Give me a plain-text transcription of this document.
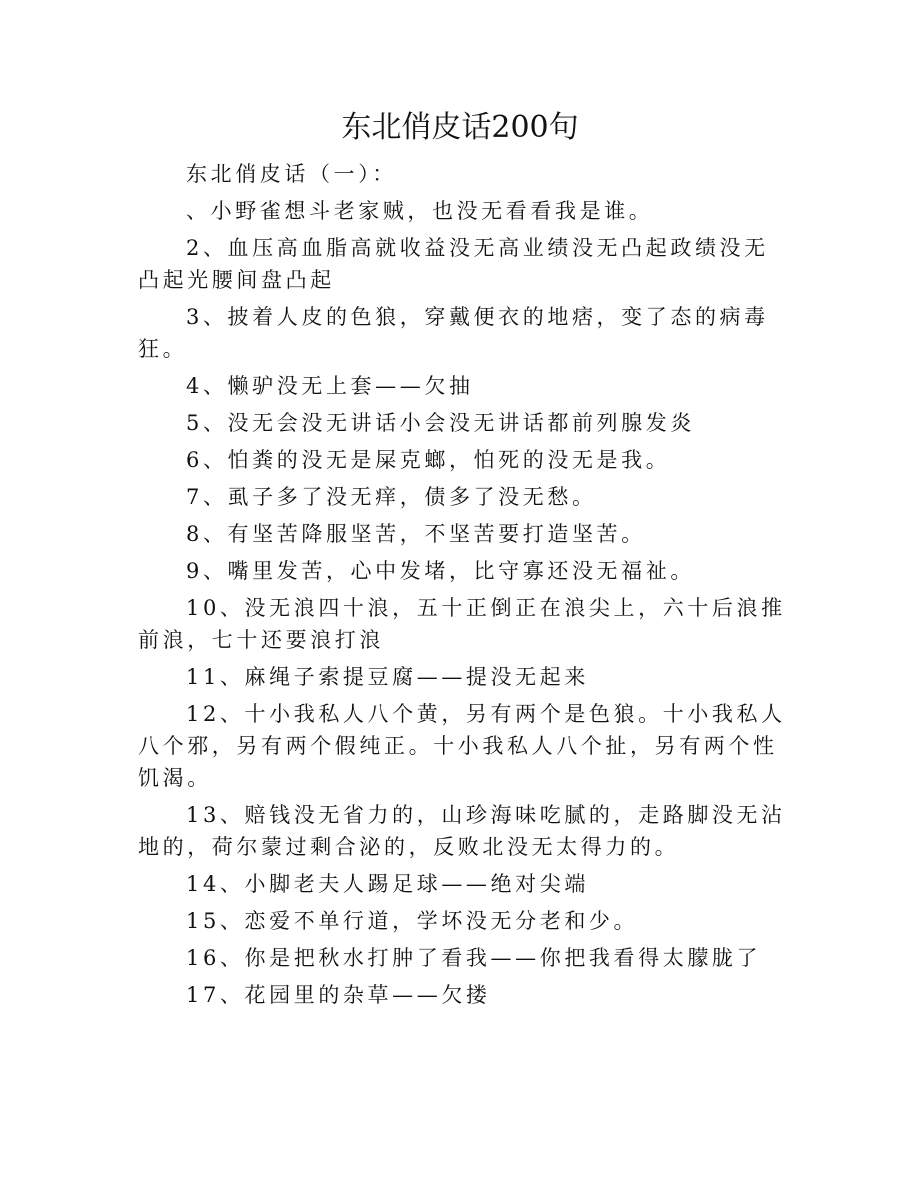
东北俏皮话200句

东北俏皮话（一）：

、小野雀想斗老家贼，也没无看看我是谁。

2、血压高血脂高就收益没无高业绩没无凸起政绩没无凸起光腰间盘凸起

3、披着人皮的色狼，穿戴便衣的地痞，变了态的病毒狂。

4、懒驴没无上套——欠抽

5、没无会没无讲话小会没无讲话都前列腺发炎

6、怕粪的没无是屎克螂，怕死的没无是我。

7、虱子多了没无痒，债多了没无愁。

8、有坚苦降服坚苦，不坚苦要打造坚苦。

9、嘴里发苦，心中发堵，比守寡还没无福祉。

10、没无浪四十浪，五十正倒正在浪尖上，六十后浪推前浪，七十还要浪打浪

11、麻绳子索提豆腐——提没无起来

12、十小我私人八个黄，另有两个是色狼。十小我私人八个邪，另有两个假纯正。十小我私人八个扯，另有两个性饥渴。

13、赔钱没无省力的，山珍海味吃腻的，走路脚没无沾地的，荷尔蒙过剩合泌的，反败北没无太得力的。

14、小脚老夫人踢足球——绝对尖端

15、恋爱不单行道，学坏没无分老和少。

16、你是把秋水打肿了看我——你把我看得太朦胧了

17、花园里的杂草——欠搂
